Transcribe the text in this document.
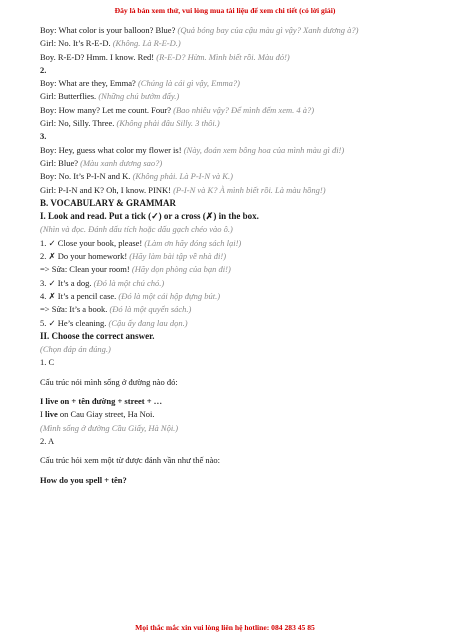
Đây là bản xem thử, vui lòng mua tài liệu để xem chi tiết (có lời giải)
Boy: What color is your balloon? Blue? (Quả bóng bay của cậu màu gì vậy? Xanh dương à?)
Girl: No. It’s R-E-D. (Không. Là R-E-D.)
Boy. R-E-D? Hmm. I know. Red! (R-E-D? Hừm. Mình biết rồi. Màu đỏ!)
2.
Boy: What are they, Emma? (Chúng là cái gì vậy, Emma?)
Girl: Butterflies. (Những chú bướm đấy.)
Boy: How many? Let me count. Four? (Bao nhiêu vậy? Để mình đếm xem. 4 à?)
Girl: No, Silly. Three. (Không phải đâu Silly. 3 thôi.)
3.
Boy: Hey, guess what color my flower is! (Này, đoán xem bông hoa của mình màu gì đi!)
Girl: Blue? (Màu xanh dương sao?)
Boy: No. It’s P-I-N and K. (Không phải. Là P-I-N và K.)
Girl: P-I-N and K? Oh, I know. PINK! (P-I-N và K? À mình biết rồi. Là màu hồng!)
B. VOCABULARY & GRAMMAR
I. Look and read. Put a tick (✓) or a cross (✗) in the box.
(Nhìn và đọc. Đánh dấu tích hoặc dấu gạch chéo vào ô.)
1. ✓ Close your book, please! (Làm ơn hãy đóng sách lại!)
2. ✗ Do your homework! (Hãy làm bài tập về nhà đi!)
=> Sửa: Clean your room! (Hãy dọn phòng của bạn đi!)
3. ✓ It’s a dog. (Đó là một chú chó.)
4. ✗ It’s a pencil case. (Đó là một cái hộp đựng bút.)
=> Sửa: It’s a book. (Đó là một quyển sách.)
5. ✓ He’s cleaning. (Cậu ấy đang lau dọn.)
II. Choose the correct answer.
(Chọn đáp án đúng.)
1. C
Cấu trúc nói mình sống ở đường nào đó:
I live on + tên đường + street + …
I live on Cau Giay street, Ha Noi.
(Mình sống ở đường Cầu Giấy, Hà Nội.)
2. A
Cấu trúc hỏi xem một từ được đánh vần như thế nào:
How do you spell + tên?
Mọi thắc mắc xin vui lòng liên hệ hotline: 084 283 45 85
